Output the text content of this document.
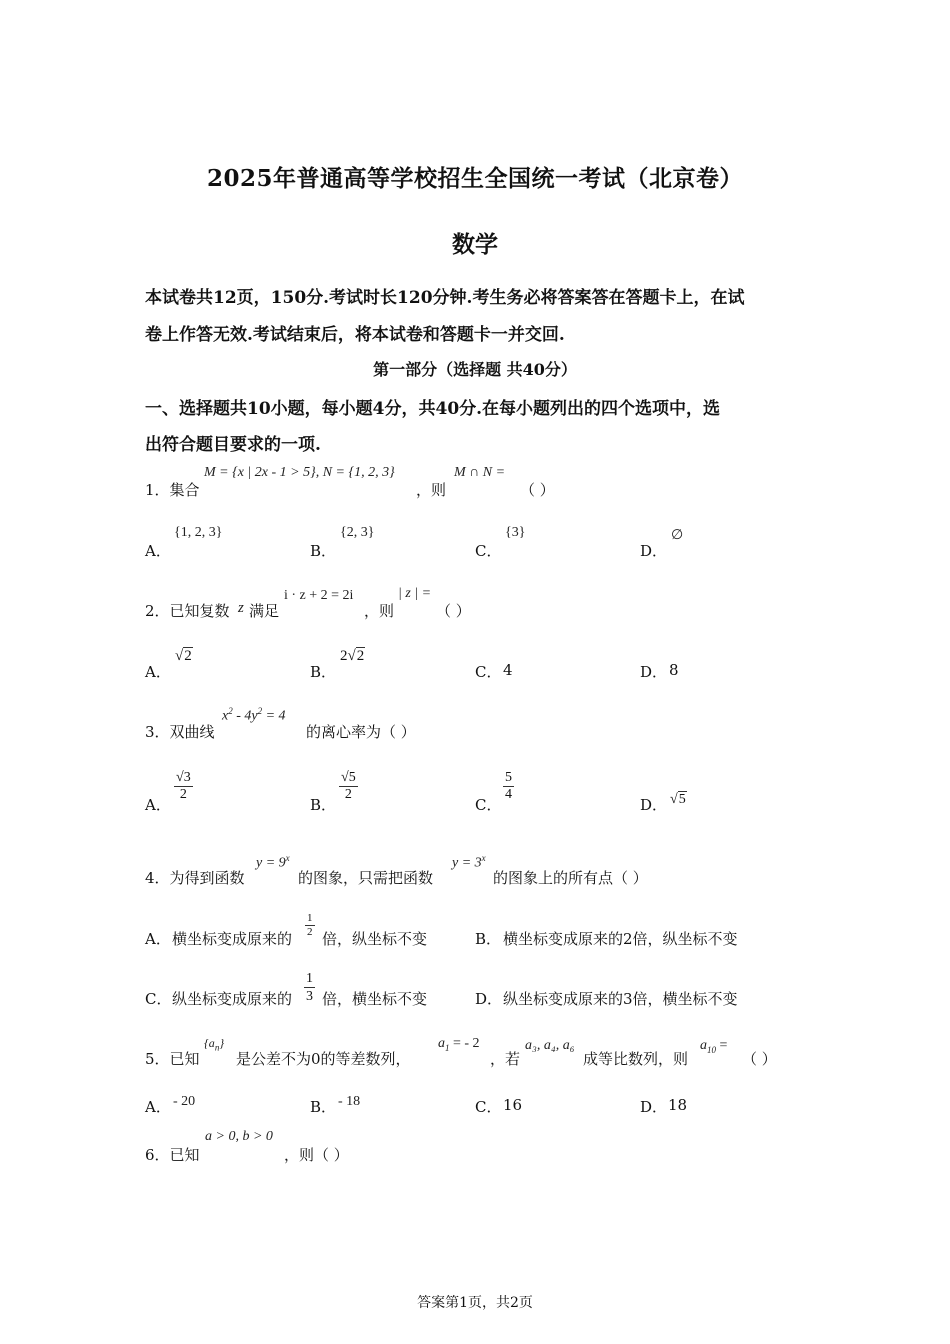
2025年普通高等学校招生全国统一考试（北京卷）
数学
本试卷共12页，150分.考试时长120分钟.考生务必将答案答在答题卡上，在试
卷上作答无效.考试结束后，将本试卷和答题卡一并交回.
第一部分（选择题 共40分）
一、选择题共10小题，每小题4分，共40分.在每小题列出的四个选项中，选
出符合题目要求的一项.
1．集合
M = {x | 2x - 1 > 5}, N = {1, 2, 3}
，则
M ∩ N =
（ ）
A．
{1, 2, 3}
B．
{2, 3}
C．
{3}
D．
∅
2．已知复数 z 满足
i · z + 2 = 2i
，则
| z | =
（ ）
A．
√2
B．
2√2
C． 4	D． 8
3．双曲线
$x^2 - 4y^2 = 4$
的离心率为（ ）
A．
$\frac{√3}{2}$
B．
$\frac{√5}{2}$
C．
$\frac{5}{4}$
D． √5
4．为得到函数
$y = 9^x$
的图象，只需把函数
$y = 3^x$
的图象上的所有点（ ）
A． 横坐标变成原来的 $\frac{1}{2}$ 倍，纵坐标不变	B． 横坐标变成原来的2倍，纵坐标不变
C． 纵坐标变成原来的 $\frac{1}{3}$ 倍，横坐标不变	D． 纵坐标变成原来的3倍，横坐标不变
5．已知
$\{a_n\}$
是公差不为0的等差数列，
$a_1$ = - 2
，若
a₃, a₄, a₆
成等比数列，则
$a_{10}$ =
（ ）
A． - 20	B． - 18	C． 16	D． 18
6．已知
a > 0, b > 0
，则（ ）
答案第1页，共2页
